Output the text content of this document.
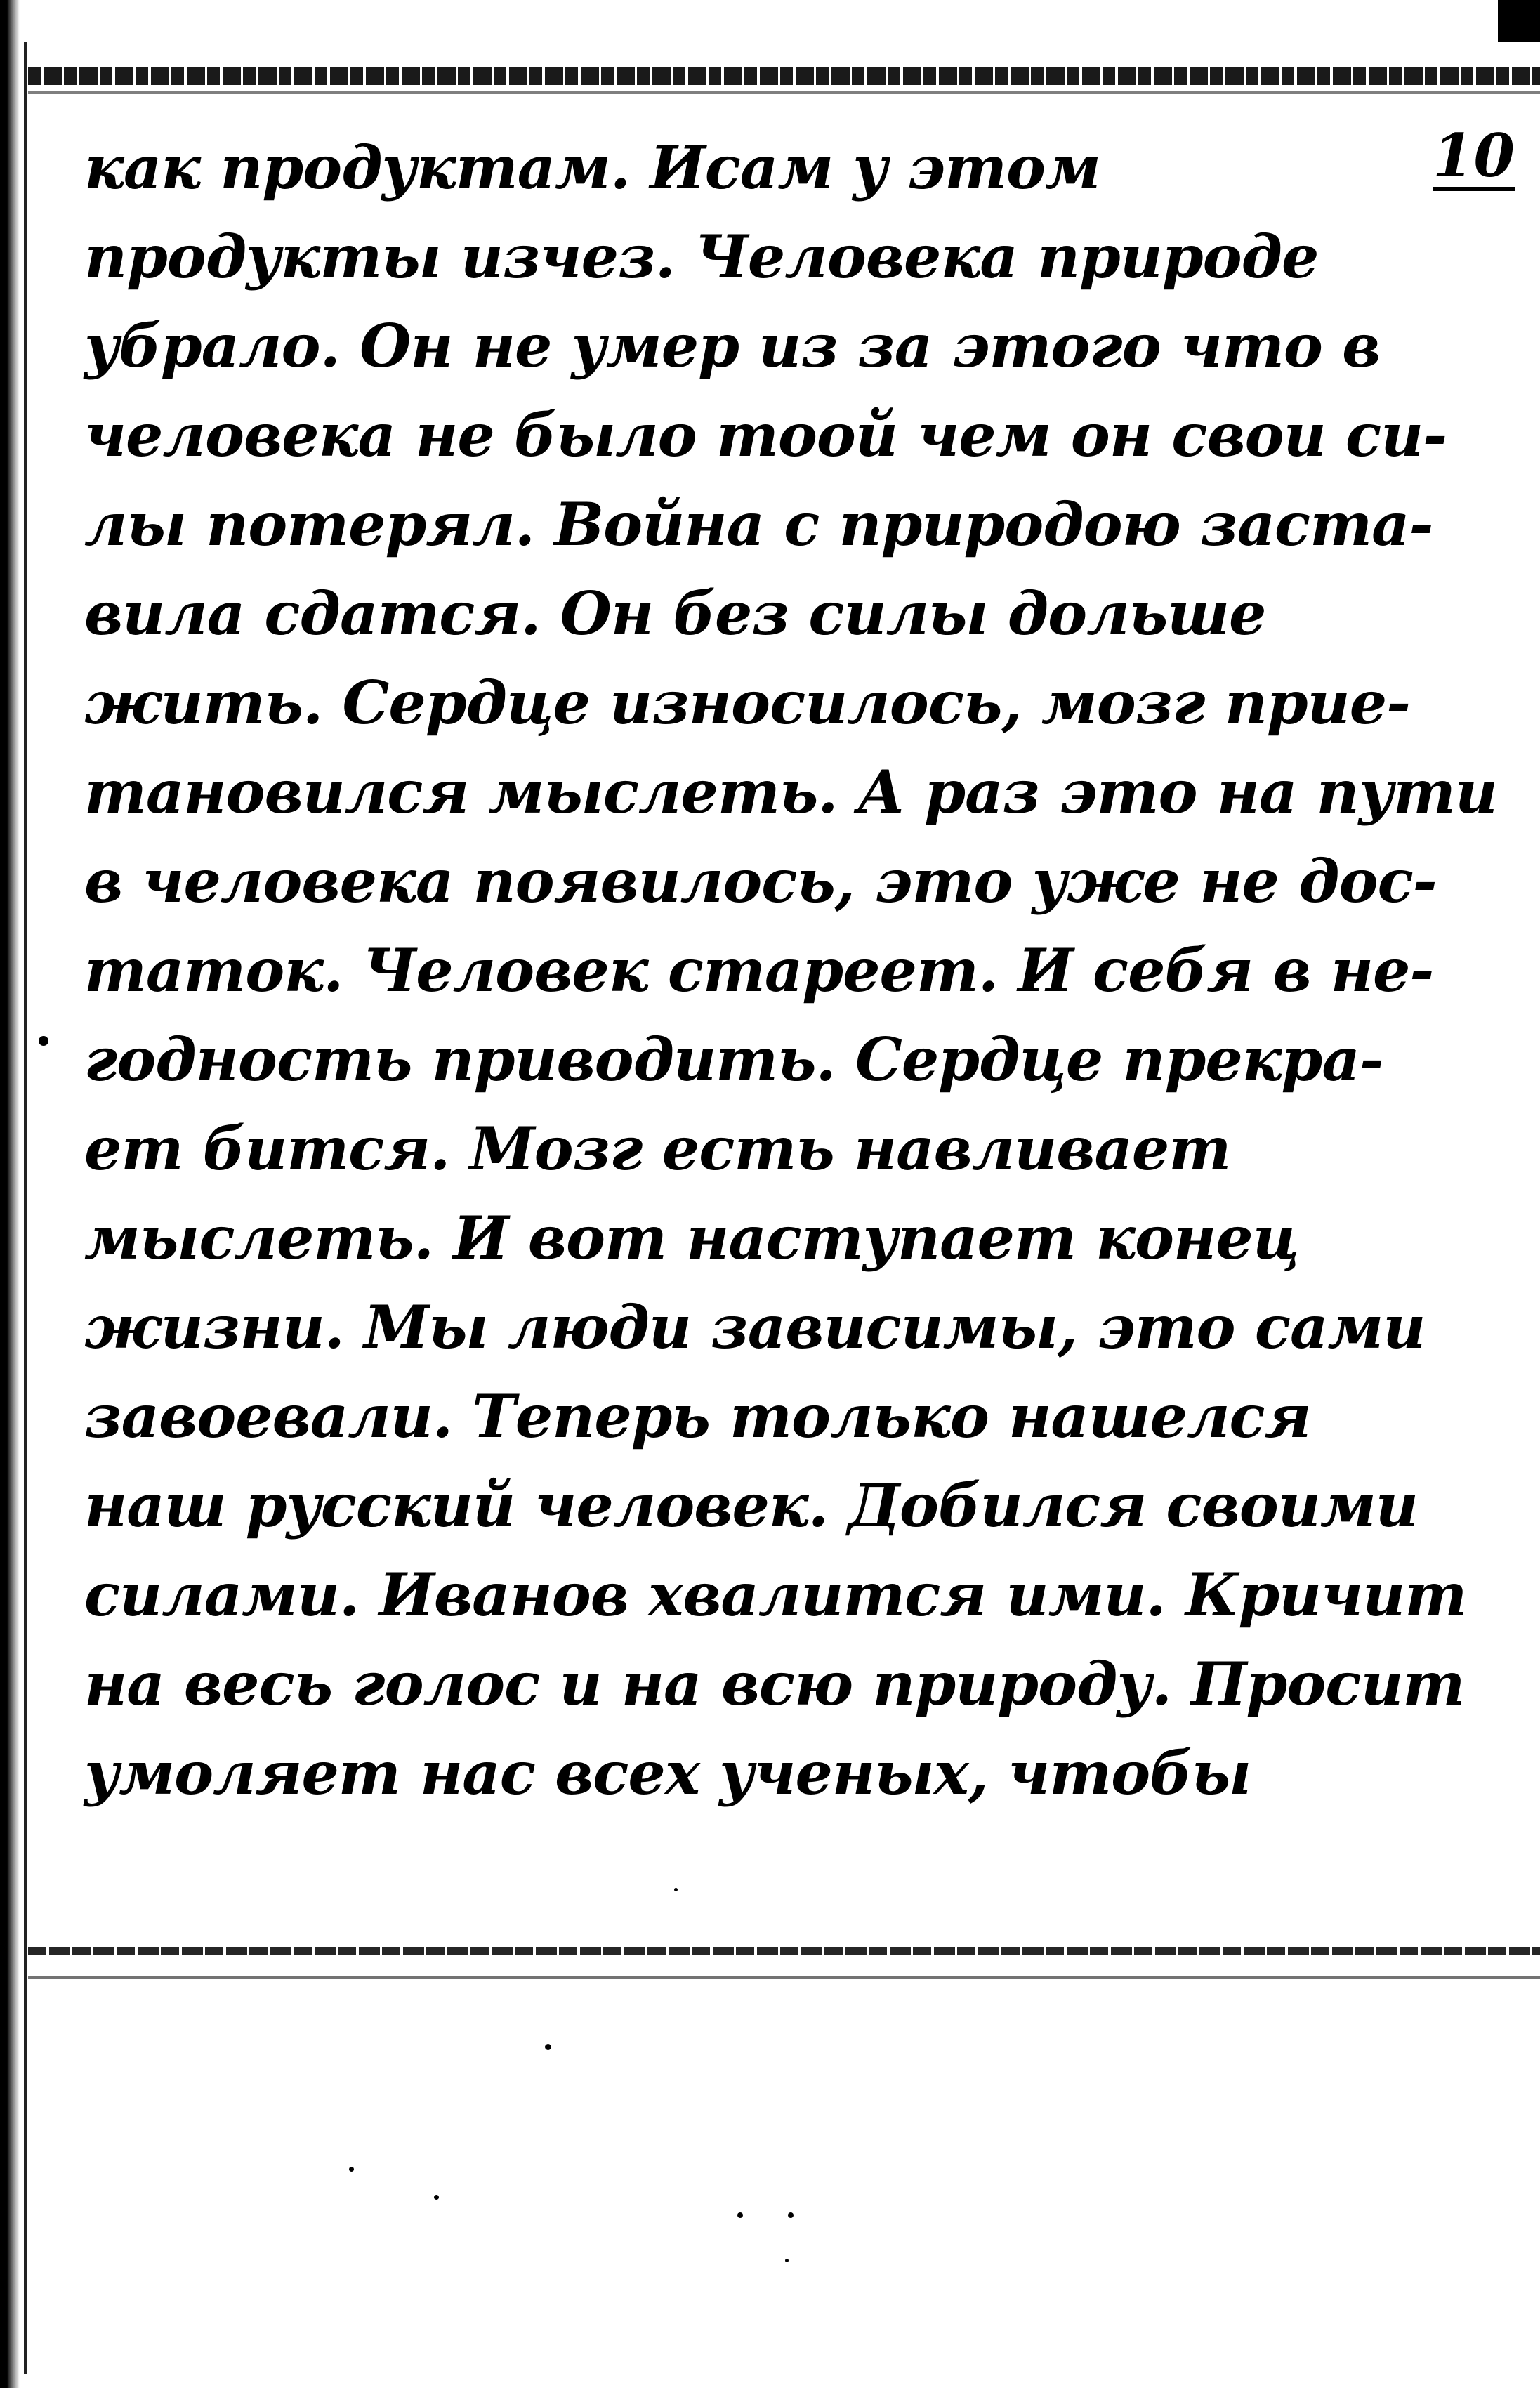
10
как продуктам. Исам у этом
продукты изчез. Человека природе
убрало. Он не умер из за этого что в
человека не было тоой чем он свои си-
лы потерял. Война с природою заста-
вила сдатся. Он без силы дольше
жить. Сердце износилось, мозг прие-
тановился мыслеть. А раз это на пути
в человека появилось, это уже не дос-
таток. Человек стареет. И себя в не-
годность приводить. Сердце прекра-
ет бится. Мозг есть навливает
мыслеть. И вот наступает конец
жизни. Мы люди зависимы, это сами
завоевали. Теперь только нашелся
наш русский человек. Добился своими
силами. Иванов хвалится ими. Кричит
на весь голос и на всю природу. Просит
умоляет нас всех ученых, чтобы
